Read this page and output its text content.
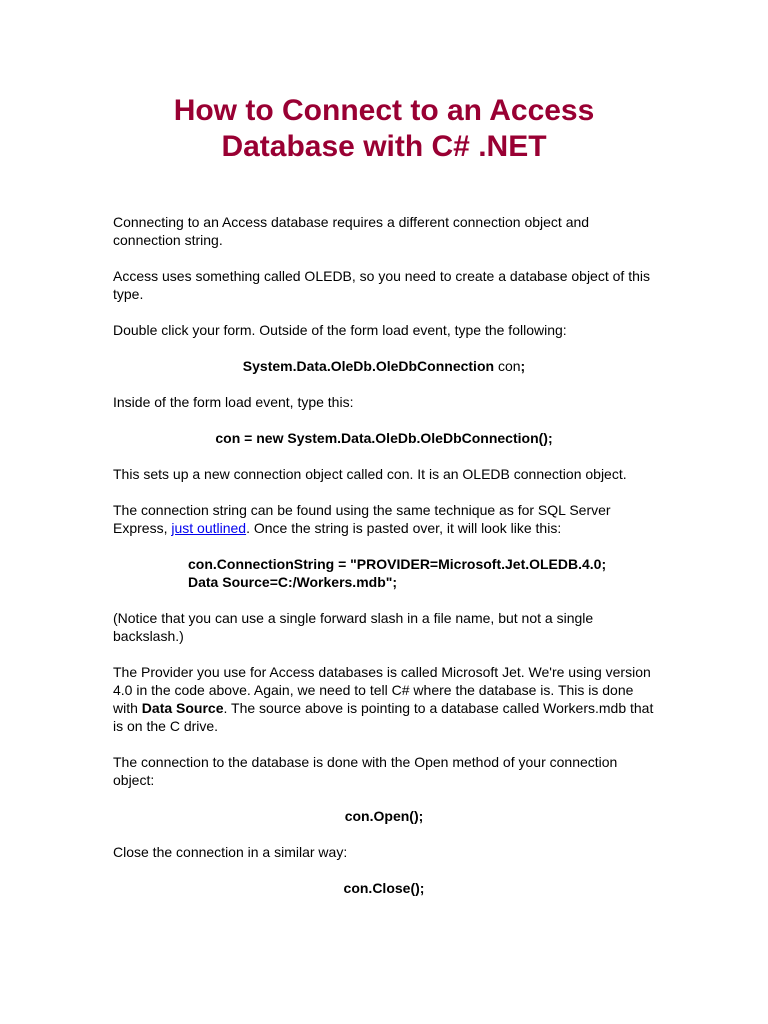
How to Connect to an Access
Database with C# .NET

Connecting to an Access database requires a different connection object and connection string.

Access uses something called OLEDB, so you need to create a database object of this type.

Double click your form. Outside of the form load event, type the following:

System.Data.OleDb.OleDbConnection con;

Inside of the form load event, type this:

con = new System.Data.OleDb.OleDbConnection();

This sets up a new connection object called con. It is an OLEDB connection object.

The connection string can be found using the same technique as for SQL Server Express, just outlined. Once the string is pasted over, it will look like this:

con.ConnectionString = "PROVIDER=Microsoft.Jet.OLEDB.4.0;
Data Source=C:/Workers.mdb";

(Notice that you can use a single forward slash in a file name, but not a single backslash.)

The Provider you use for Access databases is called Microsoft Jet. We're using version 4.0 in the code above. Again, we need to tell C# where the database is. This is done with Data Source. The source above is pointing to a database called Workers.mdb that is on the C drive.

The connection to the database is done with the Open method of your connection object:

con.Open();

Close the connection in a similar way:

con.Close();
